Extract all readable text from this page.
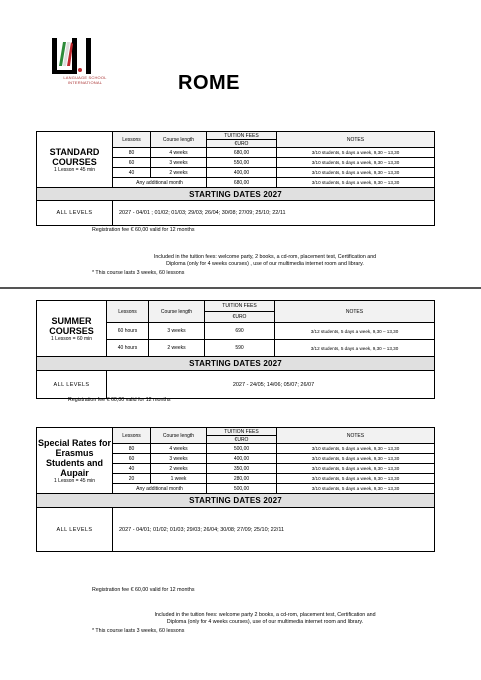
LANGUAGE SCHOOL
INTERNATIONAL	ROME
STANDARD COURSES
1 Lesson = 45 min	Lessons	Course length	TUITION FEES	NOTES
			€URO	
	80	4 weeks	680,00	3/10 students, 5 days a week, 9,30 – 13,30
	60	3 weeks	550,00	3/10 students, 5 days a week, 9,30 – 13,30
	40	2 weeks	400,00	3/10 students, 5 days a week, 9,30 – 13,30
	Any additional month		680,00	3/10 students, 5 days a week, 9,30 – 13,30
STARTING DATES 2027				
ALL LEVELS	2027 - 04/01 ; 01/02; 01/03; 29/03; 26/04; 30/08; 27/09; 25/10; 22/11			
Registration fee € 60,00 valid for 12 months
Included in the tuition fees: welcome party, 2 books, a cd-rom, placement test, Certification and
Diploma (only for 4 weeks courses) , use of our multimedia internet room and library.
* This course lasts 3 weeks, 60 lessons
SUMMER COURSES
1 Lesson = 60 min	Lessons	Course length	TUITION FEES	NOTES
			€URO	
	60 hours	3 weeks	690	3/12 students, 5 days a week, 9,30 – 13,30
	40 hours	2 weeks	590	3/12 students, 5 days a week, 9,30 – 13,30
STARTING DATES 2027				
ALL LEVELS	2027 - 24/05; 14/06; 05/07; 26/07			
Registration fee € 60,00 valid for 12 months
Special Rates for Erasmus Students and Aupair
1 Lesson = 45 min	Lessons	Course length	TUITION FEES	NOTES
			€URO	
	80	4 weeks	500,00	3/10 students, 5 days a week, 9,30 – 13,30
	60	3 weeks	400,00	3/10 students, 5 days a week, 9,30 – 13,30
	40	2 weeks	350,00	3/10 students, 5 days a week, 9,30 – 13,30
	20	1 week	280,00	3/10 students, 5 days a week, 9,30 – 13,30
	Any additional month		500,00	3/10 students, 5 days a week, 9,30 – 13,30
STARTING DATES 2027				
ALL LEVELS	2027 - 04/01; 01/02; 01/03; 29/03; 26/04; 30/08; 27/09; 25/10; 22/11			
Registration fee € 60,00 valid for 12 months
Included in the tuition fees: welcome party 2 books, a cd-rom, placement test, Certification and
Diploma (only for 4 weeks courses), use of our multimedia internet room and library.
* This course lasts 3 weeks, 60 lessons
